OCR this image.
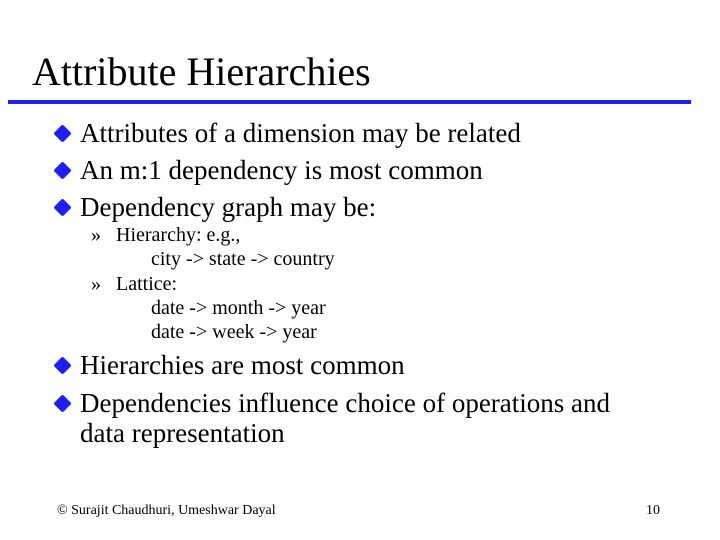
Attribute Hierarchies
Attributes of a dimension may be related
An m:1 dependency is most common
Dependency graph may be:
» Hierarchy: e.g.,
city -> state -> country
» Lattice:
date -> month -> year
date -> week -> year
Hierarchies are most common
Dependencies influence choice of operations and
data representation
© Surajit Chaudhuri, Umeshwar Dayal	10
